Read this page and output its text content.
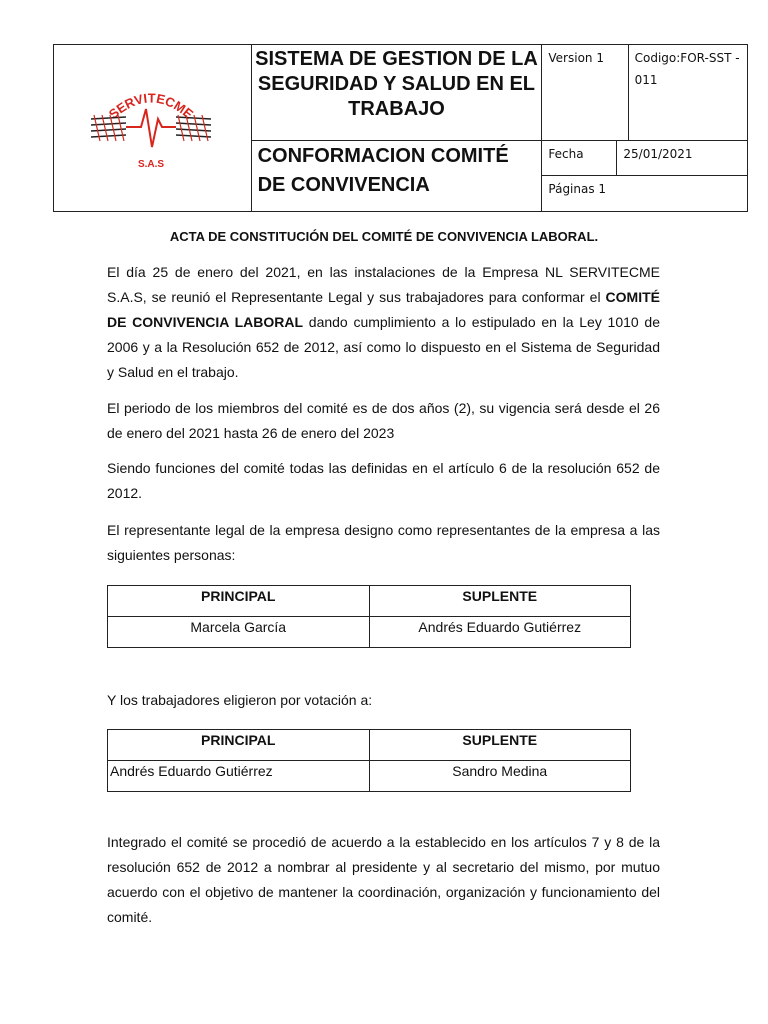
SERVITECME
S.A.S
	SISTEMA DE GESTION DE LA SEGURIDAD Y SALUD EN EL TRABAJO	Version 1	Codigo:FOR-SST - 011
CONFORMACION COMITÉ DE CONVIVENCIA	
Fecha	25/01/2021
Páginas 1
ACTA DE CONSTITUCIÓN DEL COMITÉ DE CONVIVENCIA LABORAL.

El día 25 de enero del 2021, en las instalaciones de la Empresa NL SERVITECME S.A.S, se reunió el Representante Legal y sus trabajadores para conformar el COMITÉ DE CONVIVENCIA LABORAL dando cumplimiento a lo estipulado en la Ley 1010 de 2006 y a la Resolución 652 de 2012, así como lo dispuesto en el Sistema de Seguridad y Salud en el trabajo.

El periodo de los miembros del comité es de dos años (2), su vigencia será desde el 26 de enero del 2021 hasta 26 de enero del 2023

Siendo funciones del comité todas las definidas en el artículo 6 de la resolución 652 de 2012.

El representante legal de la empresa designo como representantes de la empresa a las siguientes personas:

PRINCIPAL	SUPLENTE
Marcela García	Andrés Eduardo Gutiérrez

Y los trabajadores eligieron por votación a:

PRINCIPAL	SUPLENTE
Andrés Eduardo Gutiérrez	Sandro Medina

Integrado el comité se procedió de acuerdo a la establecido en los artículos 7 y 8 de la resolución 652 de 2012 a nombrar al presidente y al secretario del mismo, por mutuo acuerdo con el objetivo de mantener la coordinación, organización y funcionamiento del comité.
